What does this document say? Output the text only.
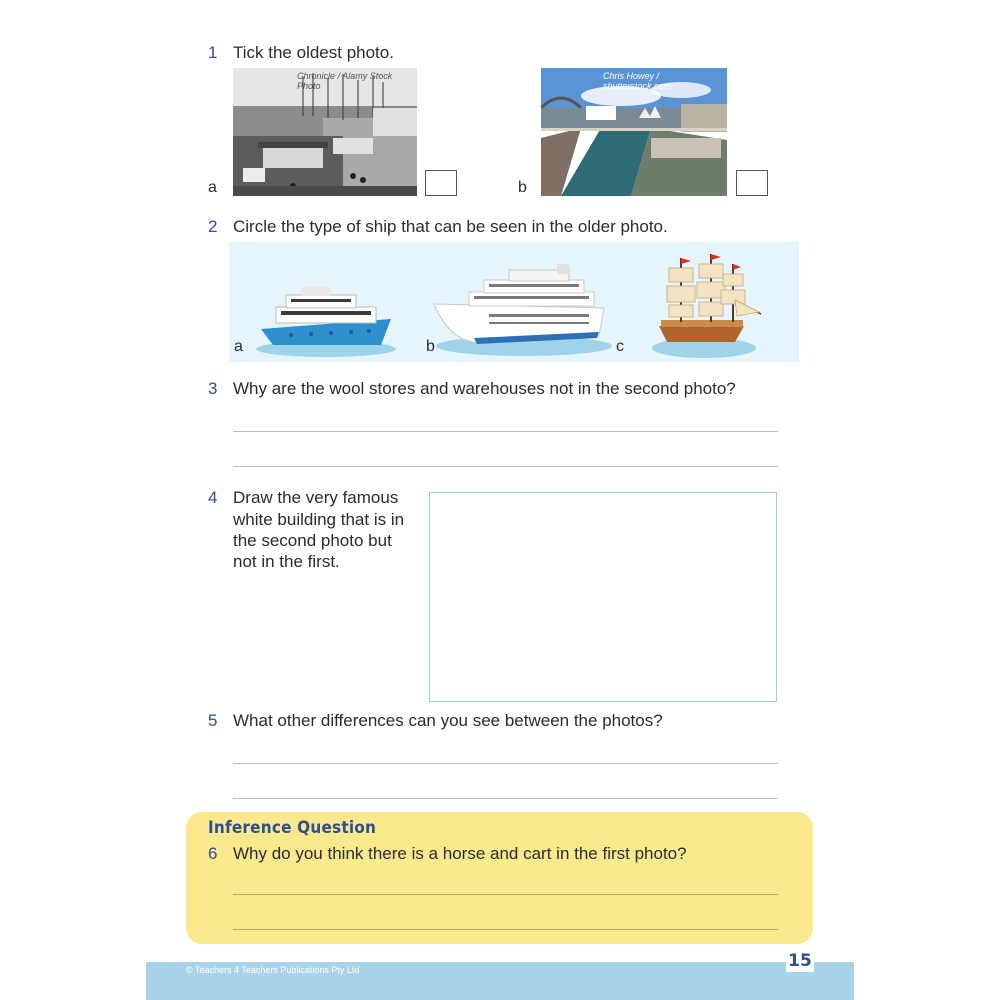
1 Tick the oldest photo.
a
Chronicle / Alamy Stock Photo
b
Chris Howey / shutterstock.com
2 Circle the type of ship that can be seen in the older photo.
a	b	c
3 Why are the wool stores and warehouses not in the second photo?
4 Draw the very famous
white building that is in
the second photo but
not in the first.
5 What other differences can you see between the photos?
Inference Question
6 Why do you think there is a horse and cart in the first photo?
© Teachers 4 Teachers Publications Pty Ltd	15
